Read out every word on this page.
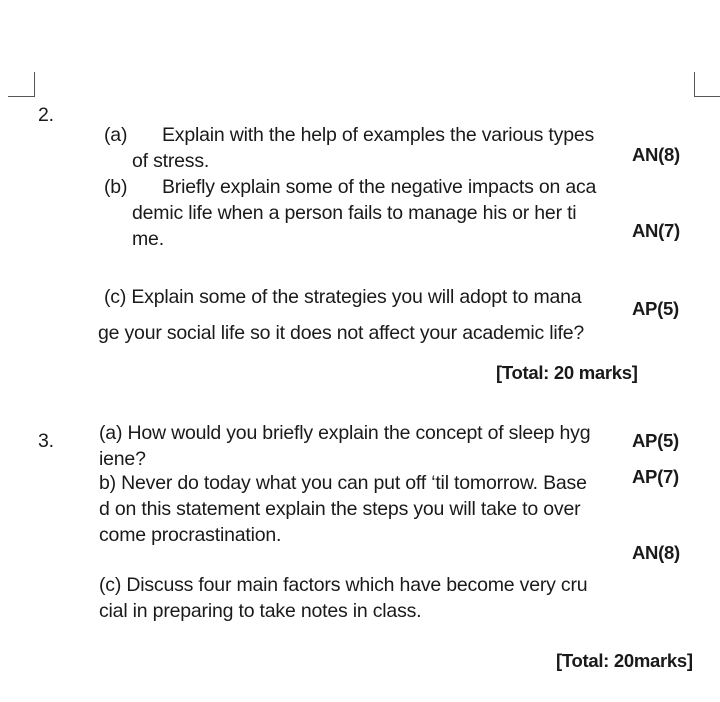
2.
(a) Explain with the help of examples the various types
of stress.	AN(8)
(b) Briefly explain some of the negative impacts on aca
demic life when a person fails to manage his or her ti
me.	AN(7)
(c) Explain some of the strategies you will adopt to mana
AP(5)
ge your social life so it does not affect your academic life?
[Total: 20 marks]
3. (a) How would you briefly explain the concept of sleep hyg AP(5)
iene?
b) Never do today what you can put off ‘til tomorrow. Base AP(7)
d on this statement explain the steps you will take to over
come procrastination.
AN(8)
(c) Discuss four main factors which have become very cru
cial in preparing to take notes in class.
[Total: 20marks]
